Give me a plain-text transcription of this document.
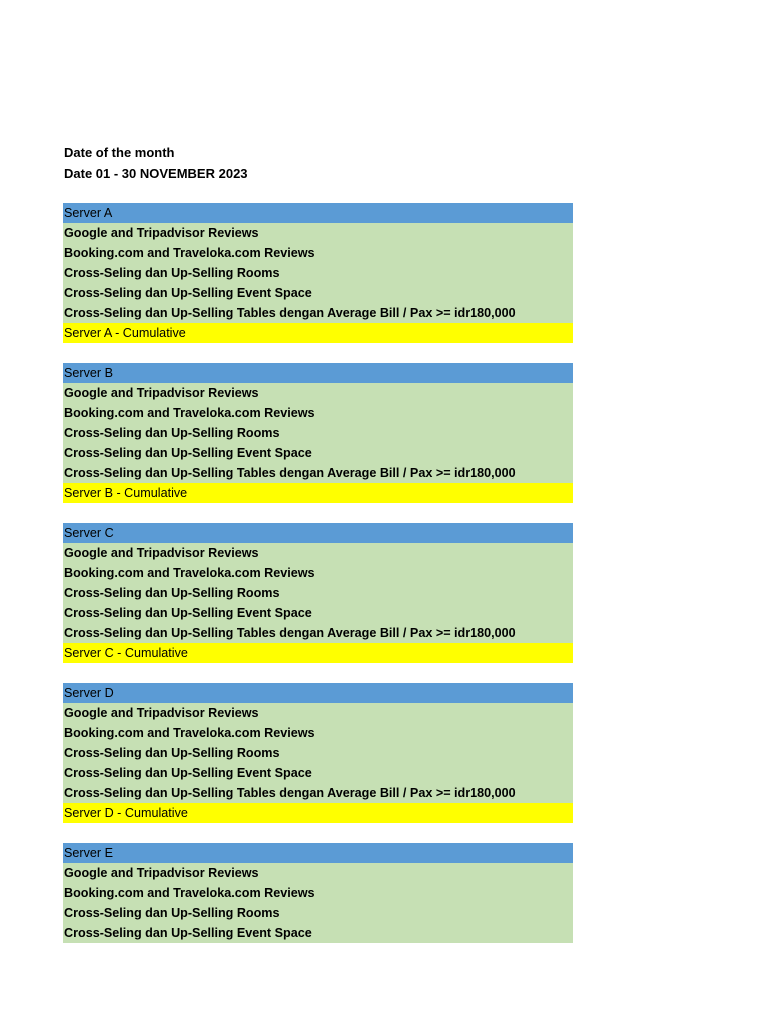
Date of the month
Date 01 - 30 NOVEMBER 2023
Server A
Google and Tripadvisor Reviews
Booking.com and Traveloka.com Reviews
Cross-Seling dan Up-Selling Rooms
Cross-Seling dan Up-Selling Event Space
Cross-Seling dan Up-Selling Tables dengan Average Bill / Pax >= idr180,000
Server A - Cumulative
Server B
Google and Tripadvisor Reviews
Booking.com and Traveloka.com Reviews
Cross-Seling dan Up-Selling Rooms
Cross-Seling dan Up-Selling Event Space
Cross-Seling dan Up-Selling Tables dengan Average Bill / Pax >= idr180,000
Server B - Cumulative
Server C
Google and Tripadvisor Reviews
Booking.com and Traveloka.com Reviews
Cross-Seling dan Up-Selling Rooms
Cross-Seling dan Up-Selling Event Space
Cross-Seling dan Up-Selling Tables dengan Average Bill / Pax >= idr180,000
Server C - Cumulative
Server D
Google and Tripadvisor Reviews
Booking.com and Traveloka.com Reviews
Cross-Seling dan Up-Selling Rooms
Cross-Seling dan Up-Selling Event Space
Cross-Seling dan Up-Selling Tables dengan Average Bill / Pax >= idr180,000
Server D - Cumulative
Server E
Google and Tripadvisor Reviews
Booking.com and Traveloka.com Reviews
Cross-Seling dan Up-Selling Rooms
Cross-Seling dan Up-Selling Event Space
